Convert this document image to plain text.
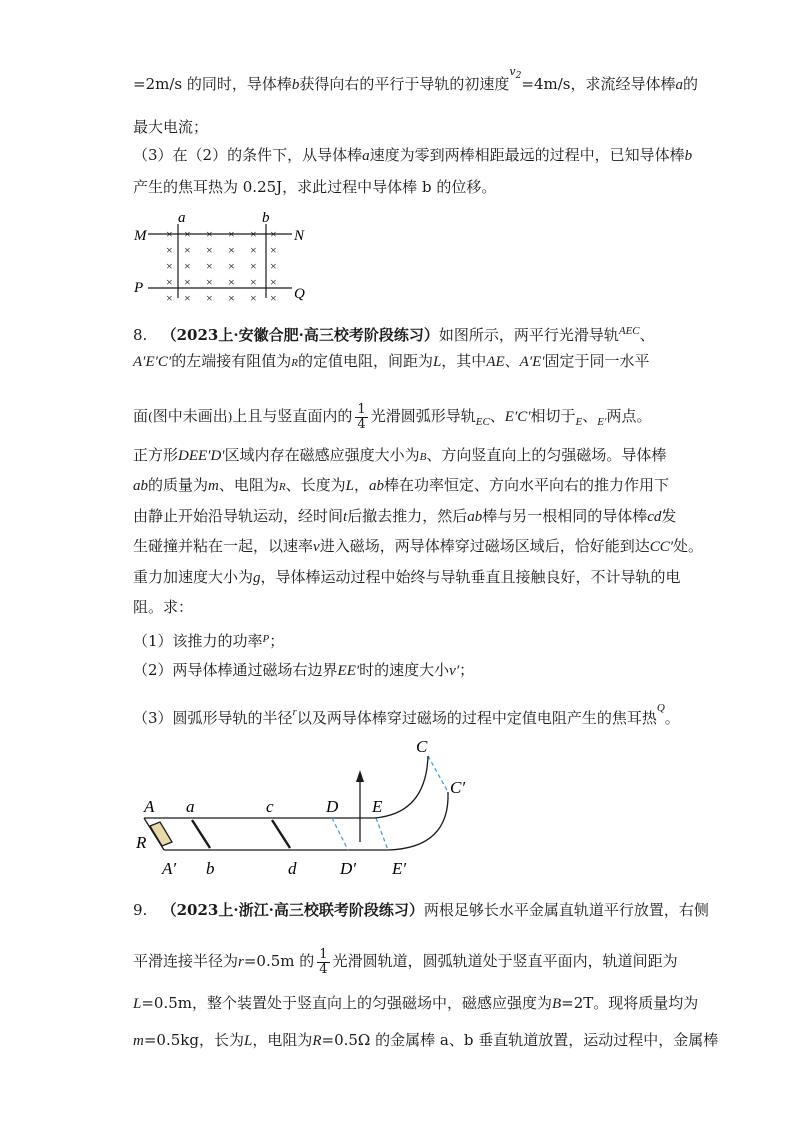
=2m/s 的同时，导体棒b获得向右的平行于导轨的初速度$^{v_2}$=4m/s，求流经导体棒a的
最大电流；
（3）在（2）的条件下，从导体棒a速度为零到两棒相距最远的过程中，已知导体棒b
产生的焦耳热为 0.25J，求此过程中导体棒 b 的位移。
a	b
M	N
P	Q
× × × × × ×
× × × × × ×
× × × × × ×
× × × × × ×
× × × × × ×
8. （2023上·安徽合肥·高三校考阶段练习）如图所示，两平行光滑导轨$^{AEC}$、
A′E′C′的左端接有阻值为R的定值电阻，间距为L，其中AE、A′E′固定于同一水平
面(图中未画出)上且与竖直面内的 $\frac{1}{4}$ 光滑圆弧形导轨$_{EC}$、E′C′相切于$_E$、$_{E'}$两点。
正方形DEE′D′区域内存在磁感应强度大小为B、方向竖直向上的匀强磁场。导体棒
ab的质量为m、电阻为R、长度为L，ab棒在功率恒定、方向水平向右的推力作用下
由静止开始沿导轨运动，经时间t后撤去推力，然后ab棒与另一根相同的导体棒cd发
生碰撞并粘在一起，以速率v进入磁场，两导体棒穿过磁场区域后，恰好能到达CC′处。
重力加速度大小为g，导体棒运动过程中始终与导轨垂直且接触良好，不计导轨的电
阻。求：
（1）该推力的功率$^P$；
（2）两导体棒通过磁场右边界EE′时的速度大小v′；
（3）圆弧形导轨的半径$^r$以及两导体棒穿过磁场的过程中定值电阻产生的焦耳热$^Q$。
C
C′
A a	c	D E
R
A′ b	d	D′ E′
9. （2023上·浙江·高三校联考阶段练习）两根足够长水平金属直轨道平行放置，右侧
平滑连接半径为r=0.5m 的 $\frac{1}{4}$ 光滑圆轨道，圆弧轨道处于竖直平面内，轨道间距为
L=0.5m，整个装置处于竖直向上的匀强磁场中，磁感应强度为B=2T。现将质量均为
m=0.5kg，长为L，电阻为R=0.5Ω 的金属棒 a、b 垂直轨道放置，运动过程中，金属棒
